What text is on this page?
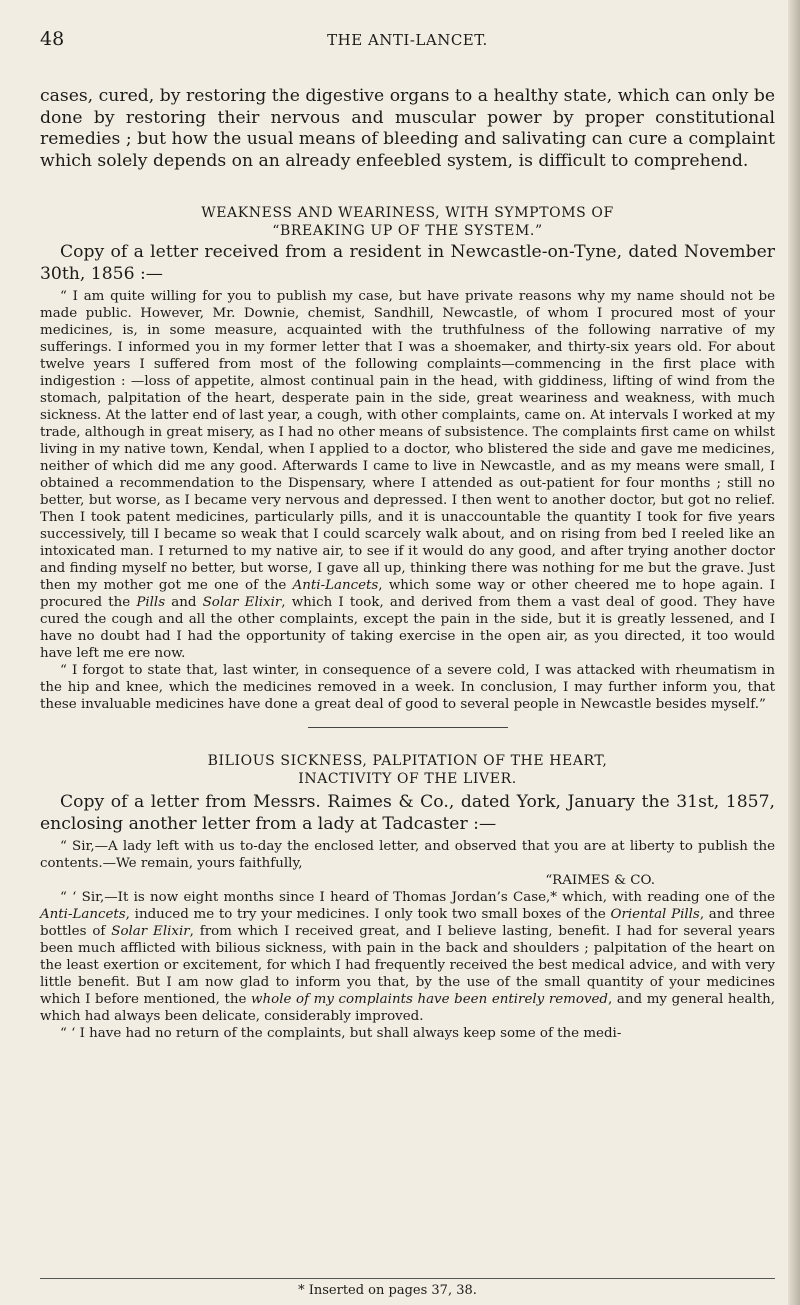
48	THE ANTI-LANCET.

cases, cured, by restoring the digestive organs to a healthy state, which can only be done by restoring their nervous and muscular power by proper constitutional remedies ; but how the usual means of bleeding and salivating can cure a complaint which solely depends on an already enfeebled system, is difficult to comprehend.

WEAKNESS AND WEARINESS, WITH SYMPTOMS OF
“BREAKING UP OF THE SYSTEM.”

Copy of a letter received from a resident in Newcastle-on-Tyne, dated November 30th, 1856 :—

“ I am quite willing for you to publish my case, but have private reasons why my name should not be made public. However, Mr. Downie, chemist, Sandhill, Newcastle, of whom I procured most of your medicines, is, in some measure, acquainted with the truthfulness of the following narrative of my sufferings. I informed you in my former letter that I was a shoemaker, and thirty-six years old. For about twelve years I suffered from most of the following complaints—commencing in the first place with indigestion : —loss of appetite, almost continual pain in the head, with giddiness, lifting of wind from the stomach, palpitation of the heart, desperate pain in the side, great weariness and weakness, with much sickness. At the latter end of last year, a cough, with other complaints, came on. At intervals I worked at my trade, although in great misery, as I had no other means of subsistence. The complaints first came on whilst living in my native town, Kendal, when I applied to a doctor, who blistered the side and gave me medicines, neither of which did me any good. Afterwards I came to live in Newcastle, and as my means were small, I obtained a recommendation to the Dispensary, where I attended as out-patient for four months ; still no better, but worse, as I became very nervous and depressed. I then went to another doctor, but got no relief. Then I took patent medicines, particularly pills, and it is unaccountable the quantity I took for five years successively, till I became so weak that I could scarcely walk about, and on rising from bed I reeled like an intoxicated man. I returned to my native air, to see if it would do any good, and after trying another doctor and finding myself no better, but worse, I gave all up, thinking there was nothing for me but the grave. Just then my mother got me one of the Anti-Lancets, which some way or other cheered me to hope again. I procured the Pills and Solar Elixir, which I took, and derived from them a vast deal of good. They have cured the cough and all the other complaints, except the pain in the side, but it is greatly lessened, and I have no doubt had I had the opportunity of taking exercise in the open air, as you directed, it too would have left me ere now.

“ I forgot to state that, last winter, in consequence of a severe cold, I was attacked with rheumatism in the hip and knee, which the medicines removed in a week. In conclusion, I may further inform you, that these invaluable medicines have done a great deal of good to several people in Newcastle besides myself.”

BILIOUS SICKNESS, PALPITATION OF THE HEART,
INACTIVITY OF THE LIVER.

Copy of a letter from Messrs. Raimes & Co., dated York, January the 31st, 1857, enclosing another letter from a lady at Tadcaster :—

“ Sir,—A lady left with us to-day the enclosed letter, and observed that you are at liberty to publish the contents.—We remain, yours faithfully,

“RAIMES & CO.

“ ‘ Sir,—It is now eight months since I heard of Thomas Jordan’s Case,* which, with reading one of the Anti-Lancets, induced me to try your medicines. I only took two small boxes of the Oriental Pills, and three bottles of Solar Elixir, from which I received great, and I believe lasting, benefit. I had for several years been much afflicted with bilious sickness, with pain in the back and shoulders ; palpitation of the heart on the least exertion or excitement, for which I had frequently received the best medical advice, and with very little benefit. But I am now glad to inform you that, by the use of the small quantity of your medicines which I before mentioned, the whole of my complaints have been entirely removed, and my general health, which had always been delicate, considerably improved.

“ ‘ I have had no return of the complaints, but shall always keep some of the medi-

* Inserted on pages 37, 38.
